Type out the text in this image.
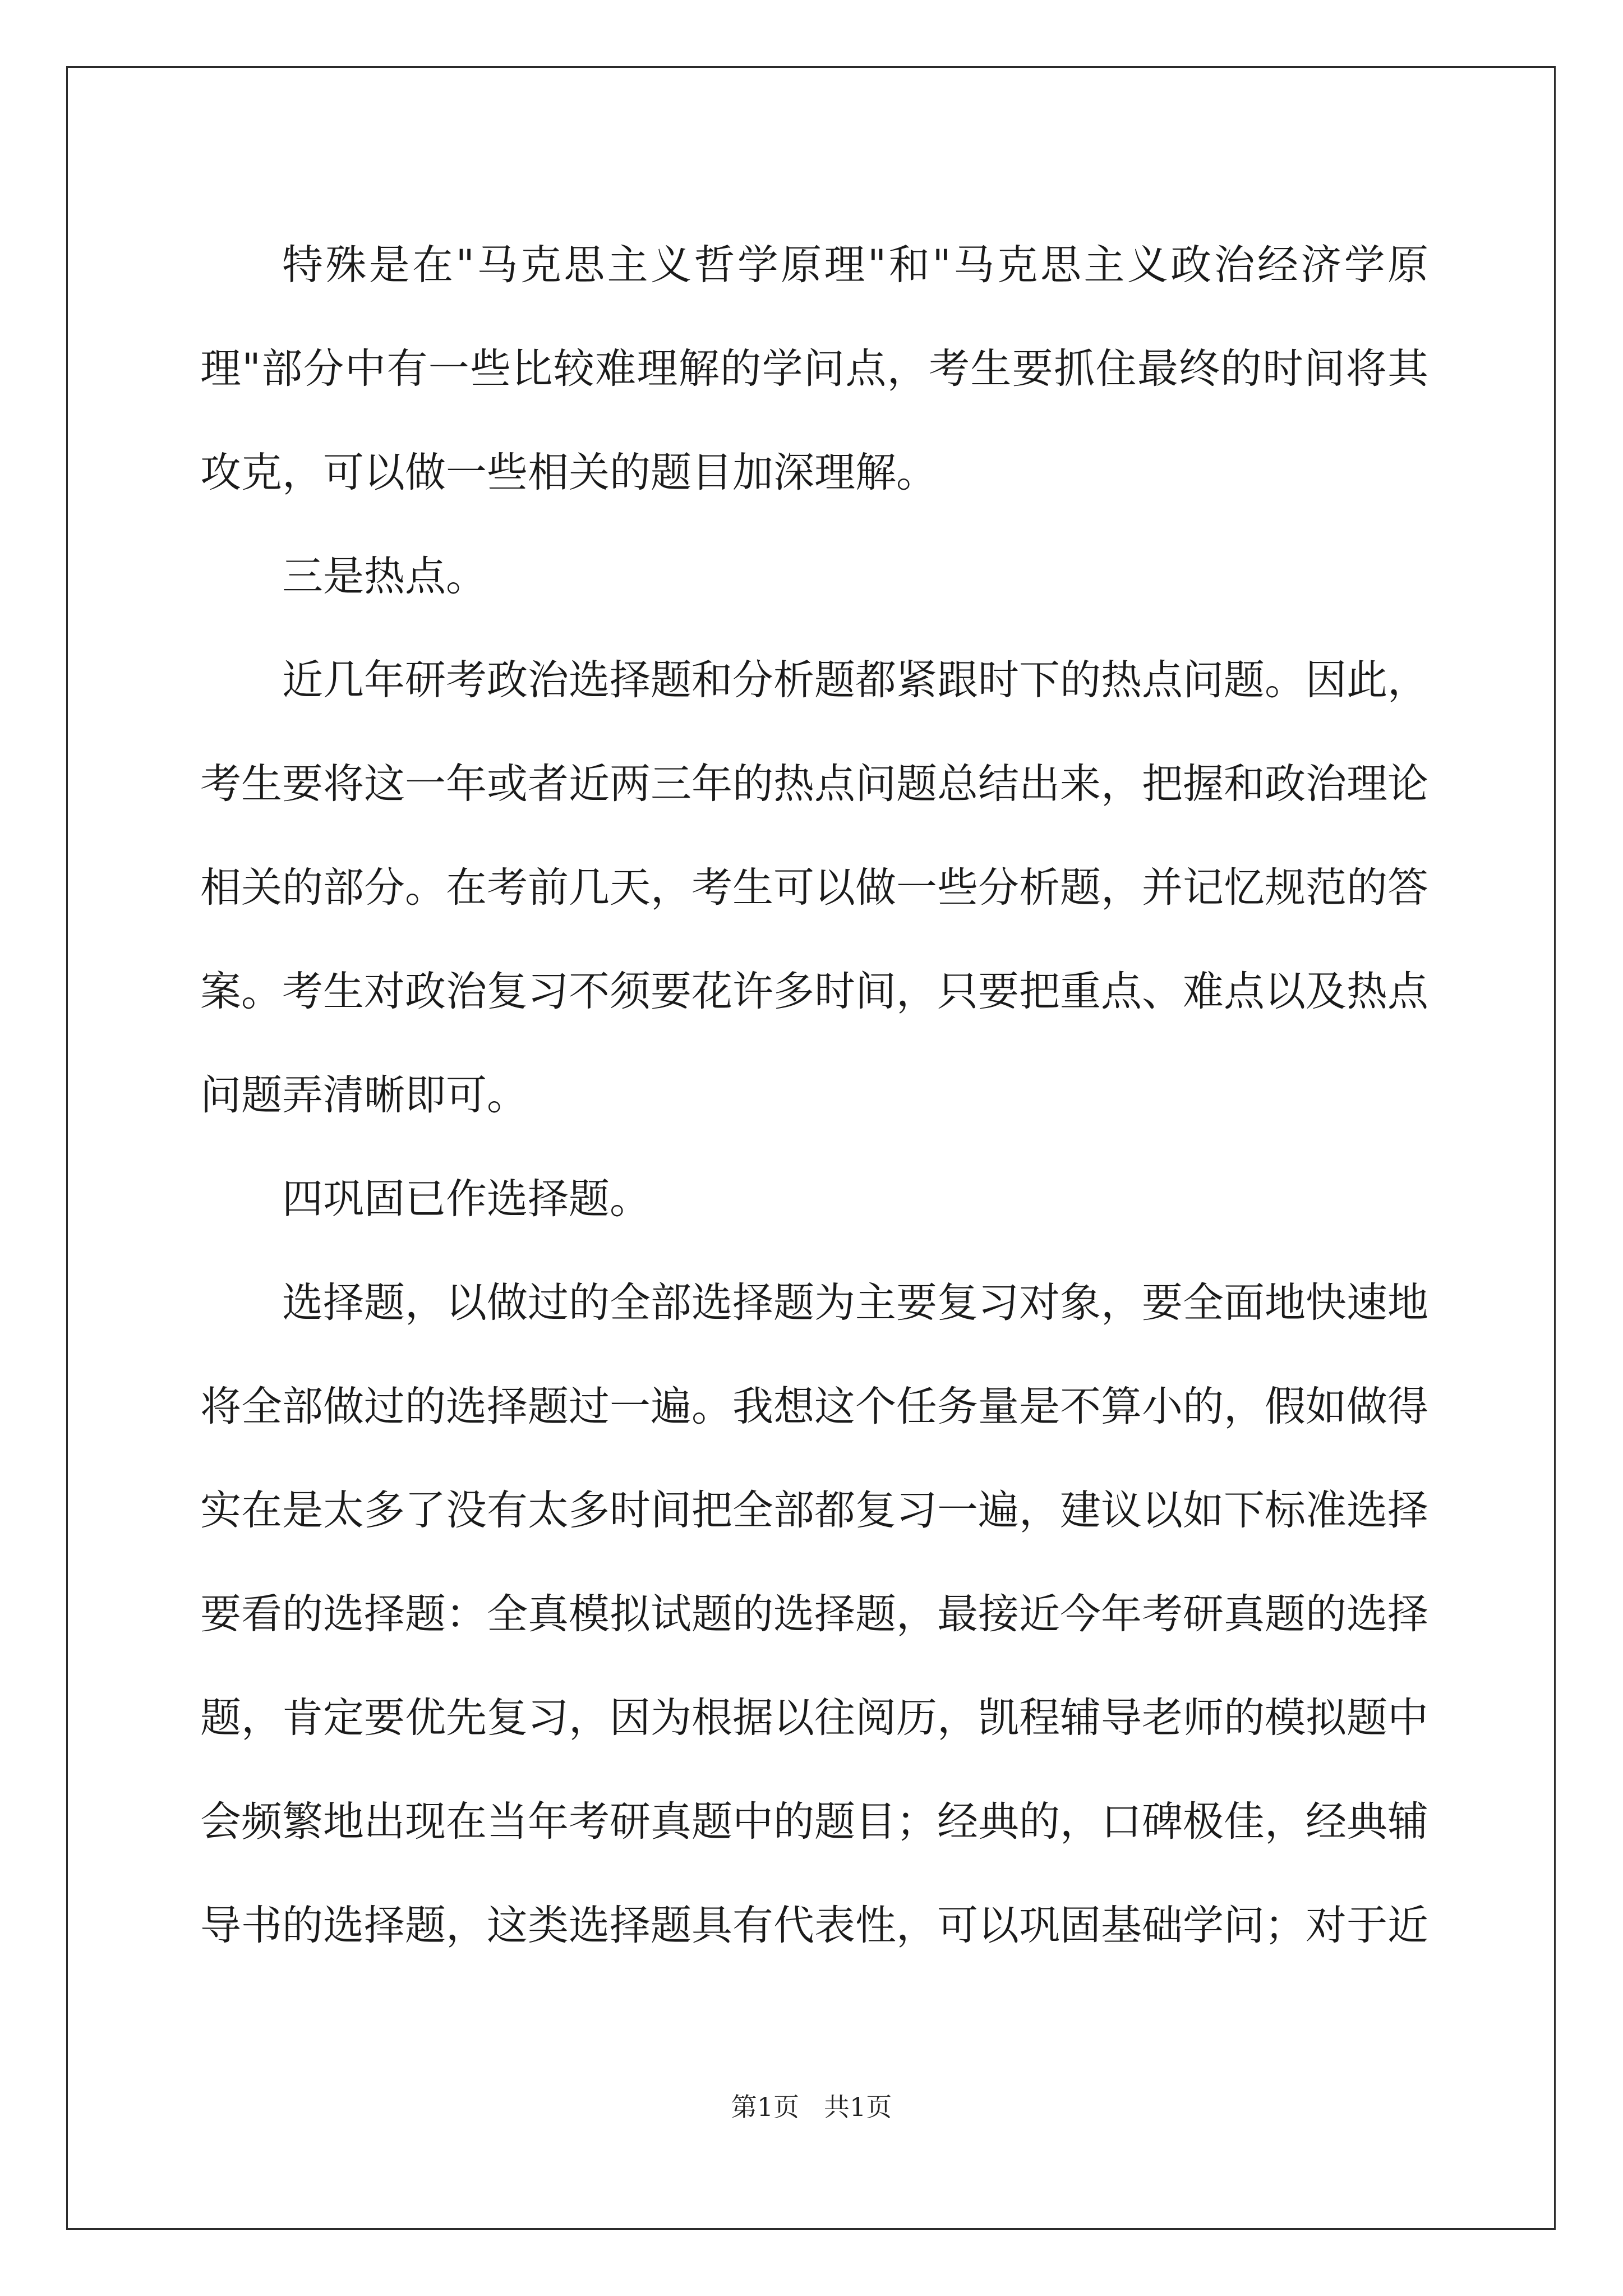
特殊是在"马克思主义哲学原理"和"马克思主义政治经济学原理"部分中有一些比较难理解的学问点，考生要抓住最终的时间将其攻克，可以做一些相关的题目加深理解。

三是热点。

近几年研考政治选择题和分析题都紧跟时下的热点问题。因此，考生要将这一年或者近两三年的热点问题总结出来，把握和政治理论相关的部分。在考前几天，考生可以做一些分析题，并记忆规范的答案。考生对政治复习不须要花许多时间，只要把重点、难点以及热点问题弄清晰即可。

四巩固已作选择题。

选择题，以做过的全部选择题为主要复习对象，要全面地快速地将全部做过的选择题过一遍。我想这个任务量是不算小的，假如做得实在是太多了没有太多时间把全部都复习一遍，建议以如下标准选择要看的选择题：全真模拟试题的选择题，最接近今年考研真题的选择题，肯定要优先复习，因为根据以往阅历，凯程辅导老师的模拟题中会频繁地出现在当年考研真题中的题目；经典的，口碑极佳，经典辅导书的选择题，这类选择题具有代表性，可以巩固基础学问；对于近

第1页 共1页
